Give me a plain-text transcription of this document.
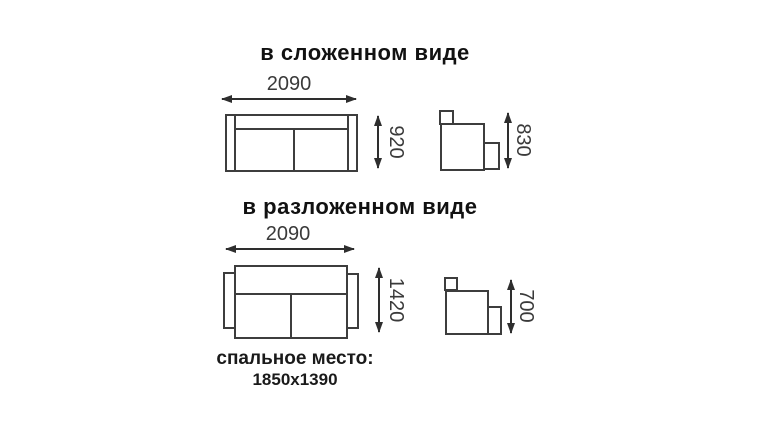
в сложенном виде
2090
920	830
в разложенном виде
2090
1420	700
спальное место:
1850x1390
